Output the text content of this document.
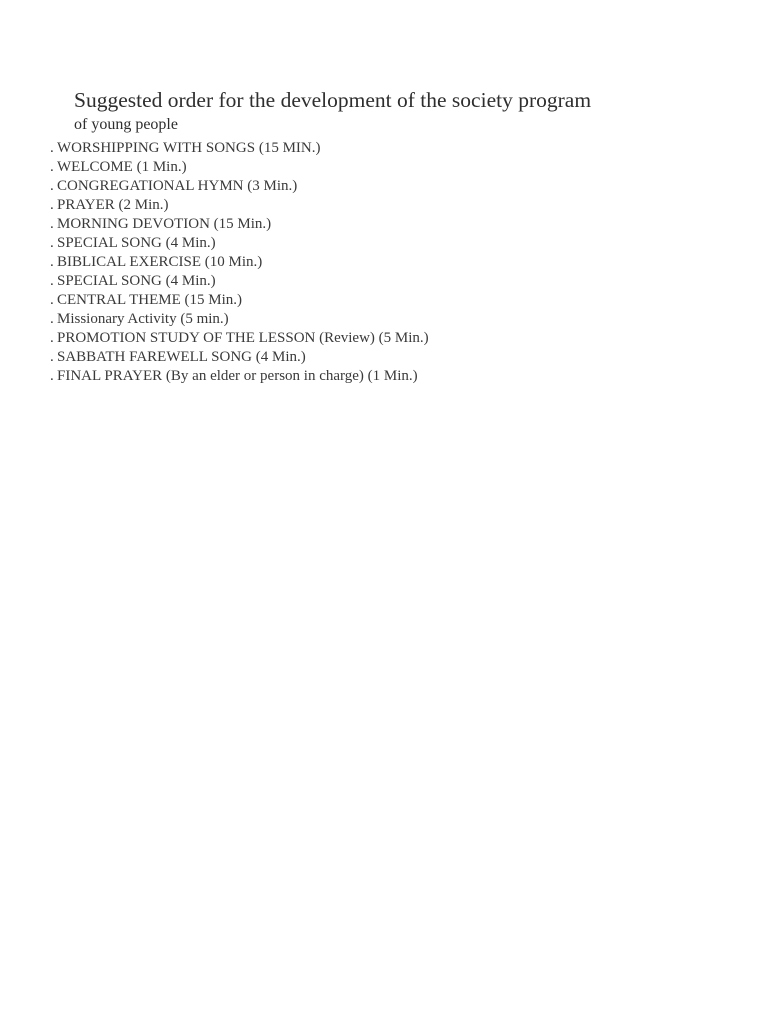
Suggested order for the development of the society program
of young people
. WORSHIPPING WITH SONGS (15 MIN.)
. WELCOME (1 Min.)
. CONGREGATIONAL HYMN (3 Min.)
. PRAYER (2 Min.)
. MORNING DEVOTION (15 Min.)
. SPECIAL SONG (4 Min.)
. BIBLICAL EXERCISE (10 Min.)
. SPECIAL SONG (4 Min.)
. CENTRAL THEME (15 Min.)
. Missionary Activity (5 min.)
. PROMOTION STUDY OF THE LESSON (Review) (5 Min.)
. SABBATH FAREWELL SONG (4 Min.)
. FINAL PRAYER (By an elder or person in charge) (1 Min.)
